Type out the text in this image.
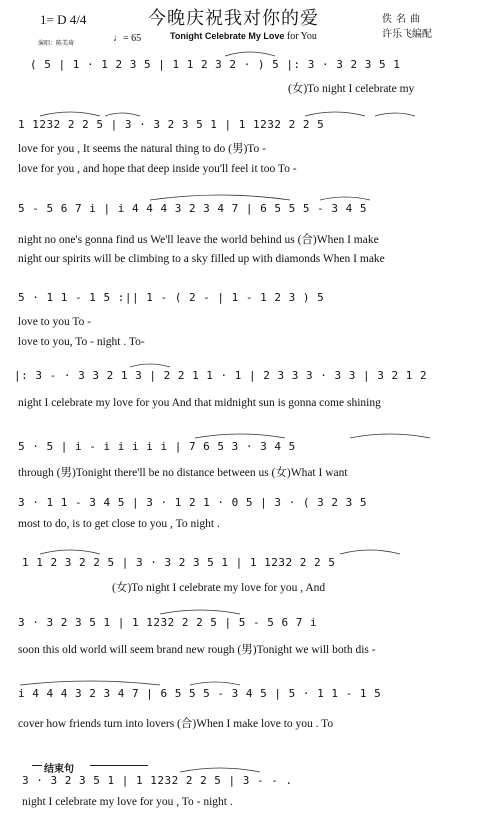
1= D 4/4	今晚庆祝我对你的爱
Tonight Celebrate My Love for You
佚名曲
许乐飞编配
演唱：陈美琦	♩= 65
( 5 | 1 · 1 2 3 5 | 1 1 2 3 2 · ) 5 |: 3 · 3 2 3 5 1
(女)To night I celebrate my
1 1232 2 2 5 | 3 · 3 2 3 5 1 | 1 1232 2 2 5
love for you , It seems the natural thing to do (男)To -
love for you , and hope that deep inside you'll feel it too To -
5 - 5 6 7 i | i 4 4 4 3 2 3 4 7 | 6 5 5 5 - 3 4 5
night no one's gonna find us We'll leave the world behind us (合)When I make
night our spirits will be climbing to a sky filled up with diamonds When I make
5 · 1 1 - 1 5 :|| 1 - ( 2 - | 1 - 1 2 3 ) 5
love to you To -
love to you, To - night . To-
|: 3 - · 3 3 2 1 3 | 2 2 1 1 · 1 | 2 3 3 3 · 3 3 | 3 2 1 2
night I celebrate my love for you And that midnight sun is gonna come shining
5 · 5 | i - i i i i i | 7 6 5 3 · 3 4 5
through (男)Tonight there'll be no distance between us (女)What I want
3 · 1 1 - 3 4 5 | 3 · 1 2 1 · 0 5 | 3 · ( 3 2 3 5
most to do, is to get close to you , To night .
1 1 2 3 2 2 5 | 3 · 3 2 3 5 1 | 1 1232 2 2 5
(女)To night I celebrate my love for you , And
3 · 3 2 3 5 1 | 1 1232 2 2 5 | 5 - 5 6 7 i
soon this old world will seem brand new rough (男)Tonight we will both dis -
i 4 4 4 3 2 3 4 7 | 6 5 5 5 - 3 4 5 | 5 · 1 1 - 1 5
cover how friends turn into lovers (合)When I make love to you . To
结束句
3 · 3 2 3 5 1 | 1 1232 2 2 5 | 3 - - .
night I celebrate my love for you , To - night .
